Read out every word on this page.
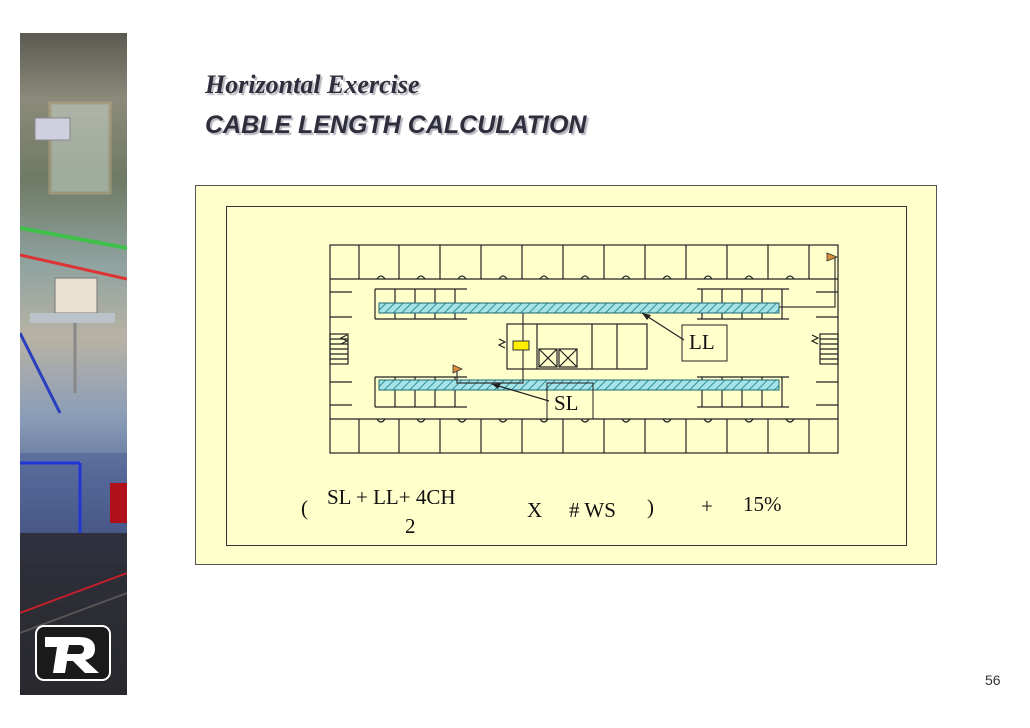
Horizontal Exercise
CABLE LENGTH CALCULATION
LL
SL
( SL + LL+ 4CH
2
X # WS ) + 15%
56
